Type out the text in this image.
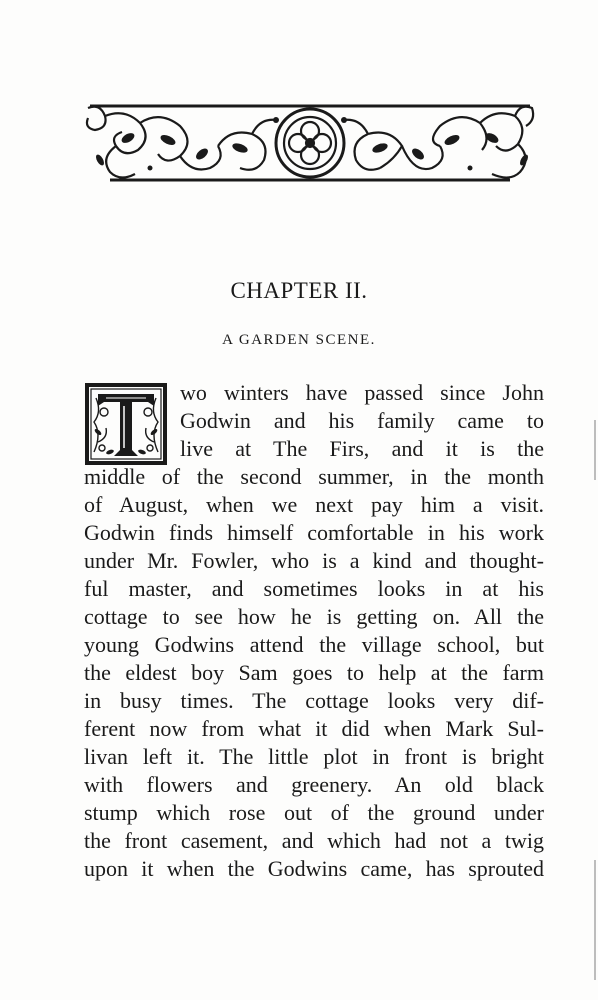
CHAPTER II.
A GARDEN SCENE.
wo winters have passed since John
Godwin and his family came to
live at The Firs, and it is the
middle of the second summer, in the month
of August, when we next pay him a visit.
Godwin finds himself comfortable in his work
under Mr. Fowler, who is a kind and thought-
ful master, and sometimes looks in at his
cottage to see how he is getting on. All the
young Godwins attend the village school, but
the eldest boy Sam goes to help at the farm
in busy times. The cottage looks very dif-
ferent now from what it did when Mark Sul-
livan left it. The little plot in front is bright
with flowers and greenery. An old black
stump which rose out of the ground under
the front casement, and which had not a twig
upon it when the Godwins came, has sprouted
